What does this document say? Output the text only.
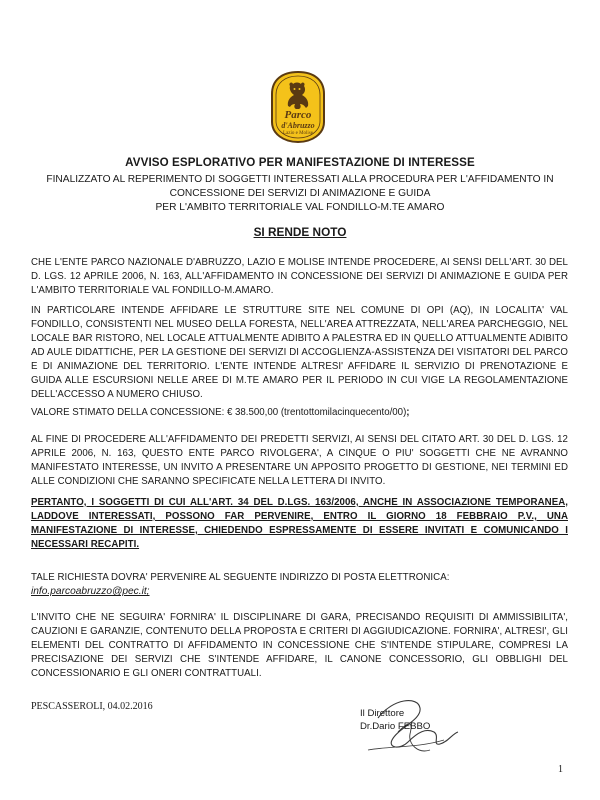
Parco
d'Abruzzo
Lazio e Molise
AVVISO ESPLORATIVO PER MANIFESTAZIONE DI INTERESSE
FINALIZZATO AL REPERIMENTO DI SOGGETTI INTERESSATI ALLA PROCEDURA PER L'AFFIDAMENTO IN
CONCESSIONE DEI SERVIZI DI ANIMAZIONE E GUIDA
PER L'AMBITO TERRITORIALE VAL FONDILLO-M.TE AMARO
SI RENDE NOTO
CHE L'ENTE PARCO NAZIONALE D'ABRUZZO, LAZIO E MOLISE INTENDE PROCEDERE, AI SENSI DELL'ART. 30 DEL D. LGS. 12 APRILE 2006, N. 163, ALL'AFFIDAMENTO IN CONCESSIONE DEI SERVIZI DI ANIMAZIONE E GUIDA PER L'AMBITO TERRITORIALE VAL FONDILLO-M.AMARO.
IN PARTICOLARE INTENDE AFFIDARE LE STRUTTURE SITE NEL COMUNE DI OPI (AQ), IN LOCALITA' VAL FONDILLO, CONSISTENTI NEL MUSEO DELLA FORESTA, NELL'AREA ATTREZZATA, NELL'AREA PARCHEGGIO, NEL LOCALE BAR RISTORO, NEL LOCALE ATTUALMENTE ADIBITO A PALESTRA ED IN QUELLO ATTUALMENTE ADIBITO AD AULE DIDATTICHE, PER LA GESTIONE DEI SERVIZI DI ACCOGLIENZA-ASSISTENZA DEI VISITATORI DEL PARCO E DI ANIMAZIONE DEL TERRITORIO. L'ENTE INTENDE ALTRESI' AFFIDARE IL SERVIZIO DI PRENOTAZIONE E GUIDA ALLE ESCURSIONI NELLE AREE DI M.TE AMARO PER IL PERIODO IN CUI VIGE LA REGOLAMENTAZIONE DELL'ACCESSO A NUMERO CHIUSO.
VALORE STIMATO DELLA CONCESSIONE: € 38.500,00 (trentottomilacinquecento/00);
AL FINE DI PROCEDERE ALL'AFFIDAMENTO DEI PREDETTI SERVIZI, AI SENSI DEL CITATO ART. 30 DEL D. LGS. 12 APRILE 2006, N. 163, QUESTO ENTE PARCO RIVOLGERA', A CINQUE O PIU' SOGGETTI CHE NE AVRANNO MANIFESTATO INTERESSE, UN INVITO A PRESENTARE UN APPOSITO PROGETTO DI GESTIONE, NEI TERMINI ED ALLE CONDIZIONI CHE SARANNO SPECIFICATE NELLA LETTERA DI INVITO.
PERTANTO, I SOGGETTI DI CUI ALL'ART. 34 DEL D.LGS. 163/2006, ANCHE IN ASSOCIAZIONE TEMPORANEA, LADDOVE INTERESSATI, POSSONO FAR PERVENIRE, ENTRO IL GIORNO 18 FEBBRAIO P.V., UNA MANIFESTAZIONE DI INTERESSE, CHIEDENDO ESPRESSAMENTE DI ESSERE INVITATI E COMUNICANDO I NECESSARI RECAPITI.
TALE RICHIESTA DOVRA' PERVENIRE AL SEGUENTE INDIRIZZO DI POSTA ELETTRONICA:
info.parcoabruzzo@pec.it;
L'INVITO CHE NE SEGUIRA' FORNIRA' IL DISCIPLINARE DI GARA, PRECISANDO REQUISITI DI AMMISSIBILITA', CAUZIONI E GARANZIE, CONTENUTO DELLA PROPOSTA E CRITERI DI AGGIUDICAZIONE. FORNIRA', ALTRESI', GLI ELEMENTI DEL CONTRATTO DI AFFIDAMENTO IN CONCESSIONE CHE S'INTENDE STIPULARE, COMPRESI LA PRECISAZIONE DEI SERVIZI CHE S'INTENDE AFFIDARE, IL CANONE CONCESSORIO, GLI OBBLIGHI DEL CONCESSIONARIO E GLI ONERI CONTRATTUALI.
PESCASSEROLI, 04.02.2016
Il Direttore
Dr.Dario FEBBO
1
